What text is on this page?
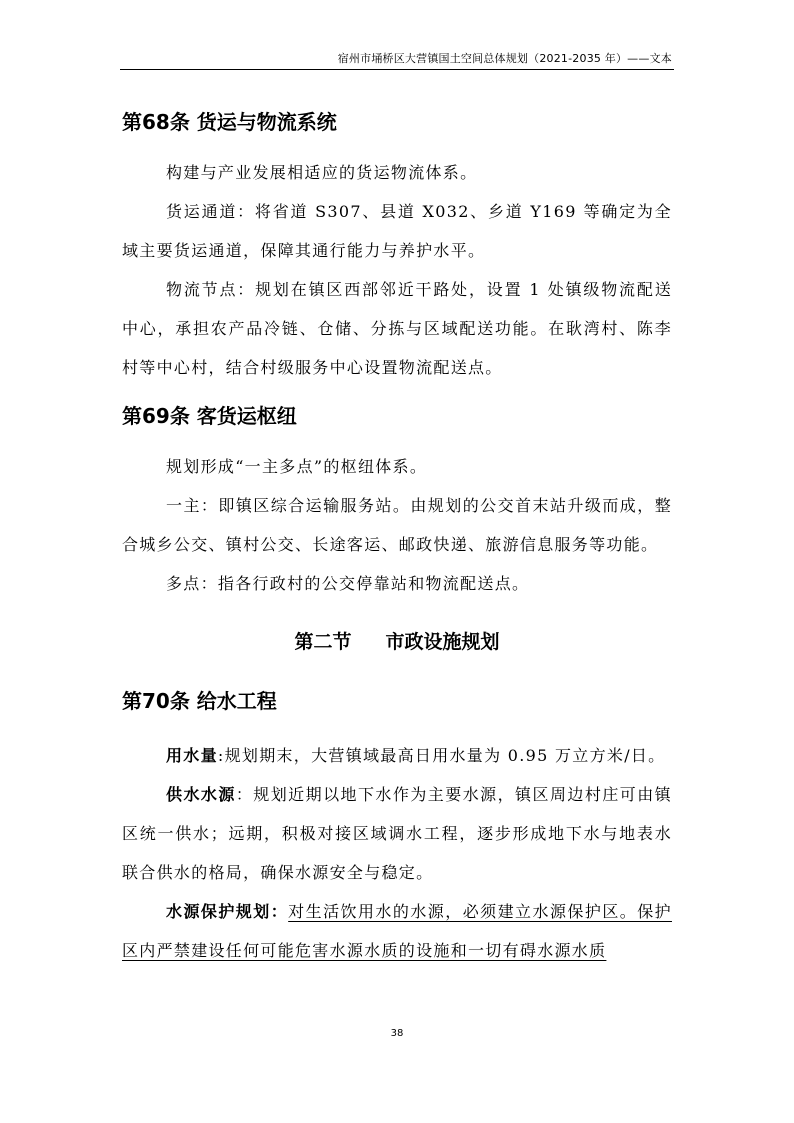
宿州市埇桥区大营镇国土空间总体规划（2021-2035 年）——文本
第68条 货运与物流系统

构建与产业发展相适应的货运物流体系。

货运通道：将省道 S307、县道 X032、乡道 Y169 等确定为全域主要货运通道，保障其通行能力与养护水平。

物流节点：规划在镇区西部邻近干路处，设置 1 处镇级物流配送中心，承担农产品冷链、仓储、分拣与区域配送功能。在耿湾村、陈李村等中心村，结合村级服务中心设置物流配送点。

第69条 客货运枢纽

规划形成“一主多点”的枢纽体系。

一主：即镇区综合运输服务站。由规划的公交首末站升级而成，整合城乡公交、镇村公交、长途客运、邮政快递、旅游信息服务等功能。

多点：指各行政村的公交停靠站和物流配送点。

第二节 市政设施规划
第70条 给水工程

用水量:规划期末，大营镇域最高日用水量为 0.95 万立方米/日。

供水水源：规划近期以地下水作为主要水源，镇区周边村庄可由镇区统一供水；远期，积极对接区域调水工程，逐步形成地下水与地表水联合供水的格局，确保水源安全与稳定。

水源保护规划：对生活饮用水的水源，必须建立水源保护区。保护区内严禁建设任何可能危害水源水质的设施和一切有碍水源水质

38
